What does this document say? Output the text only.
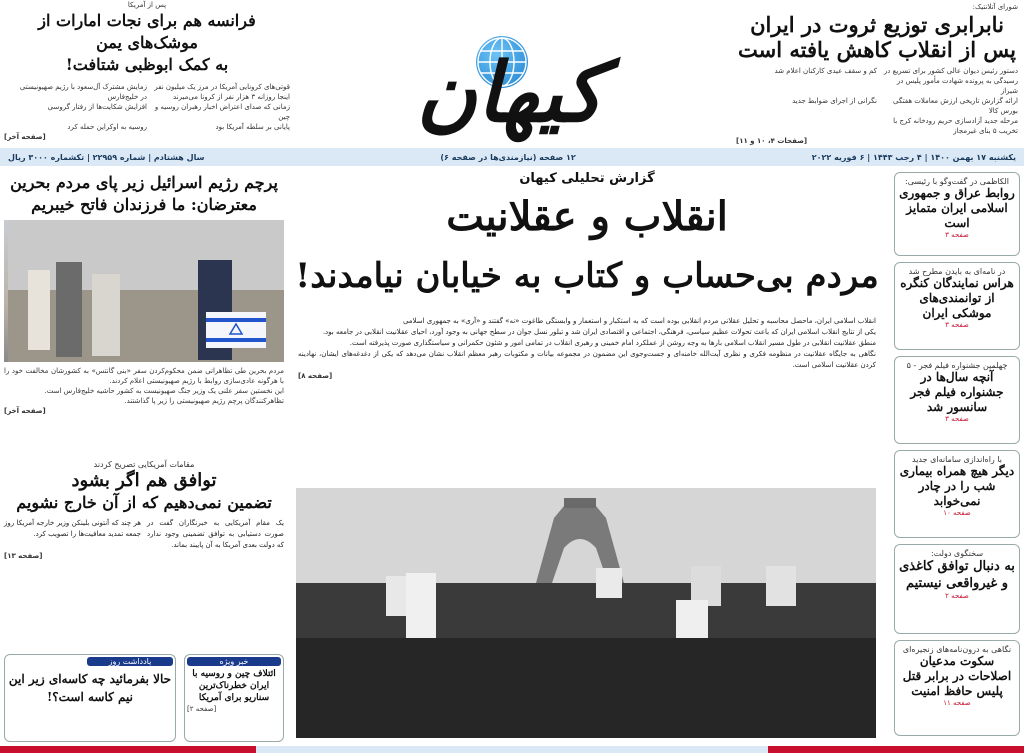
شورای آتلانتیک:
نابرابری توزیع ثروت در ایران
پس از انقلاب کاهش یافته است
دستور رئیس دیوان عالی کشور برای تسریع در رسیدگی به پرونده شهادت مأمور پلیس در شیراز
کم و سقف عیدی کارکنان اعلام شد
ارائه گزارش تاریخی ارزش معاملات هفتگی بورس کالا
نگرانی از اجرای ضوابط جدید
مرحله جدید آزادسازی حریم رودخانه کرج با تخریب ۵ بنای غیرمجاز
[صفحات ۴، ۱۰ و ۱۱]
کیهان
پس از آمریکا
فرانسه هم برای نجات امارات از موشک‌های یمن
به کمک ابوظبی شتافت!
قوتی‌های کرونایی آمریکا در مرز یک میلیون نفر
زمایش مشترک آل‌سعود با رژیم صهیونیستی
اینجا روزانه ۳ هزار نفر از کرونا می‌میرند
در خلیج‌فارس
زمانی که صدای اعتراض اخبار رهبران روسیه و چین
افزایش شکایت‌ها از رفتار گروسی
پایانی بر سلطه آمریکا بود
روسیه به اوکراین حمله کرد
[صفحه آخر]
یکشنبه ۱۷ بهمن ۱۴۰۰ | ۴ رجب ۱۴۴۳ | ۶ فوریه ۲۰۲۲
۱۲ صفحه (نیازمندی‌ها در صفحه ۶)
سال هشتادم | شماره ۲۲۹۵۹ | تکشماره ۳۰۰۰ ریال
الکاظمی در گفت‌وگو با رئیسی:
روابط عراق و جمهوری اسلامی ایران متمایز است
صفحه ۳
در نامه‌ای به بایدن مطرح شد
هراس نمایندگان کنگره از توانمندی‌های موشکی ایران
صفحه ۳
چهلمین جشنواره فیلم فجر - ۵
آنچه سال‌ها در جشنواره فیلم فجر سانسور شد
صفحه ۳
با راه‌اندازی سامانه‌ای جدید
دیگر هیچ همراه بیماری شب را در چادر نمی‌خوابد
صفحه ۱۰
سخنگوی دولت:
به دنبال توافق کاغذی و غیرواقعی نیستیم
صفحه ۲
نگاهی به درون‌نامه‌های زنجیره‌ای
سکوت مدعیان اصلاحات در برابر قتل پلیس حافظ امنیت
صفحه ۱۱
گزارش تحلیلی کیهان
انقلاب و عقلانیت
مردم بی‌حساب و کتاب به خیابان نیامدند!
انقلاب اسلامی ایران، ماحصل محاسبه و تحلیل عقلانی مردم انقلابی بوده است که به استکبار و استعمار و وابستگی طاغوت «نه» گفتند و «آری» به جمهوری اسلامی
یکی از نتایج انقلاب اسلامی ایران که باعث تحولات عظیم سیاسی، فرهنگی، اجتماعی و اقتصادی ایران شد و تبلور نسل جوان در سطح جهانی به وجود آورد، احیای عقلانیت انقلابی در جامعه بود.
منطق عقلانیت انقلابی در طول مسیر انقلاب اسلامی بارها به وجه روشن از عملکرد امام خمینی و رهبری انقلاب در تمامی امور و شئون حکمرانی و سیاستگذاری صورت پذیرفته است.
نگاهی به جایگاه عقلانیت در منظومه فکری و نظری آیت‌الله خامنه‌ای و جست‌وجوی این مضمون در مجموعه بیانات و مکتوبات رهبر معظم انقلاب نشان می‌دهد که یکی از دغدغه‌های ایشان، نهادینه کردن عقلانیت اسلامی است.
[صفحه ۸]
پرچم رژیم اسرائیل زیر پای مردم بحرین
معترضان: ما فرزندان فاتح خیبریم
مردم بحرین طی تظاهراتی ضمن محکوم‌کردن سفر «بنی گانتس» به کشورشان مخالفت خود را با هرگونه عادی‌سازی روابط با رژیم صهیونیستی اعلام کردند.
این نخستین سفر علنی یک وزیر جنگ صهیونیست به کشور حاشیه خلیج‌فارس است.
تظاهرکنندگان پرچم رژیم صهیونیستی را زیر پا گذاشتند.
[صفحه آخر]
مقامات آمریکایی تصریح کردند
توافق هم اگر بشود
تضمین نمی‌دهیم که از آن خارج نشویم
یک مقام آمریکایی به خبرنگاران گفت در صورت دستیابی به توافق تضمینی وجود ندارد که دولت بعدی آمریکا به آن پایبند بماند.
هر چند که آنتونی بلینکن وزیر خارجه آمریکا روز جمعه تمدید معافیت‌ها را تصویب کرد.
[صفحه ۱۳]
خبر ویژه
ائتلاف چین و روسیه با ایران خطرناک‌ترین سناریو برای آمریکا
[صفحه ۲]
یادداشت روز
حالا بفرمائید چه کاسه‌ای زیر این نیم کاسه است؟!
